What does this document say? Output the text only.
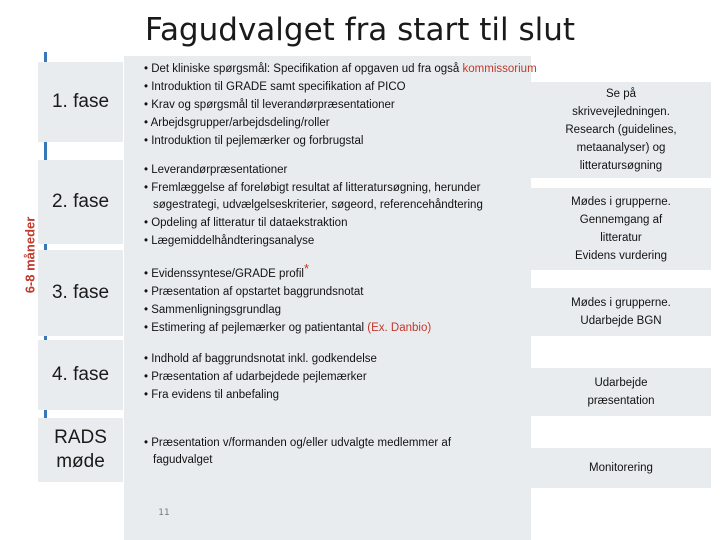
Fagudvalget fra start til slut
6-8 måneder
1. fase
2. fase
3. fase
4. fase
RADS
møde
• Det kliniske spørgsmål: Specifikation af opgaven ud fra også kommissorium
• Introduktion til GRADE samt specifikation af PICO
• Krav og spørgsmål til leverandørpræsentationer
• Arbejdsgrupper/arbejdsdeling/roller
• Introduktion til pejlemærker og forbrugstal
• Leverandørpræsentationer
• Fremlæggelse af foreløbigt resultat af litteratursøgning, herunder
søgestrategi, udvælgelseskriterier, søgeord, referencehåndtering
• Opdeling af litteratur til dataekstraktion
• Lægemiddelhåndteringsanalyse
• Evidenssyntese/GRADE profil*
• Præsentation af opstartet baggrundsnotat
• Sammenligningsgrundlag
• Estimering af pejlemærker og patientantal (Ex. Danbio)
• Indhold af baggrundsnotat inkl. godkendelse
• Præsentation af udarbejdede pejlemærker
• Fra evidens til anbefaling
• Præsentation v/formanden og/eller udvalgte medlemmer af
fagudvalget
11
Se på
skrivevejledningen.
Research (guidelines,
metaanalyser) og
litteratursøgning
Mødes i grupperne.
Gennemgang af
litteratur
Evidens vurdering
Mødes i grupperne.
Udarbejde BGN
Udarbejde
præsentation
Monitorering
